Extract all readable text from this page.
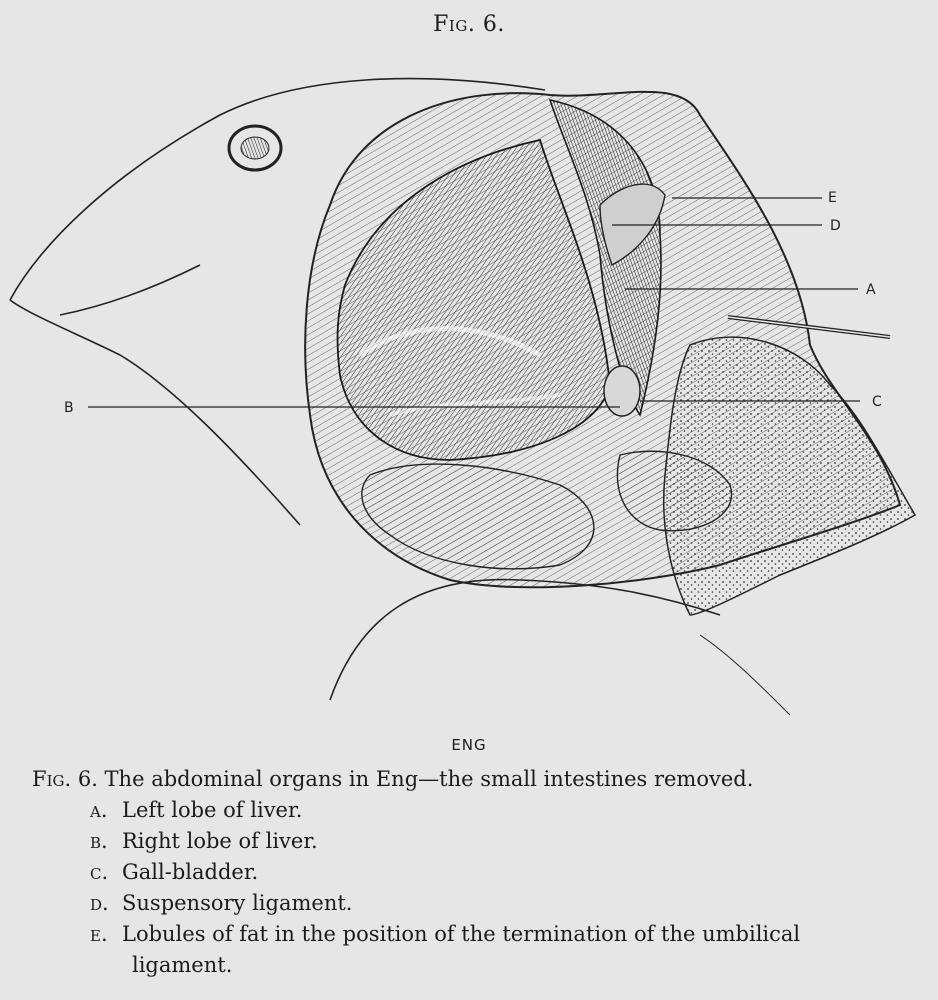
Fig. 6.
E
D
A
B	C
ENG
Fig. 6. The abdominal organs in Eng—the small intestines removed.
a. Left lobe of liver.
b. Right lobe of liver.
c. Gall-bladder.
d. Suspensory ligament.
e. Lobules of fat in the position of the termination of the umbilical
ligament.
